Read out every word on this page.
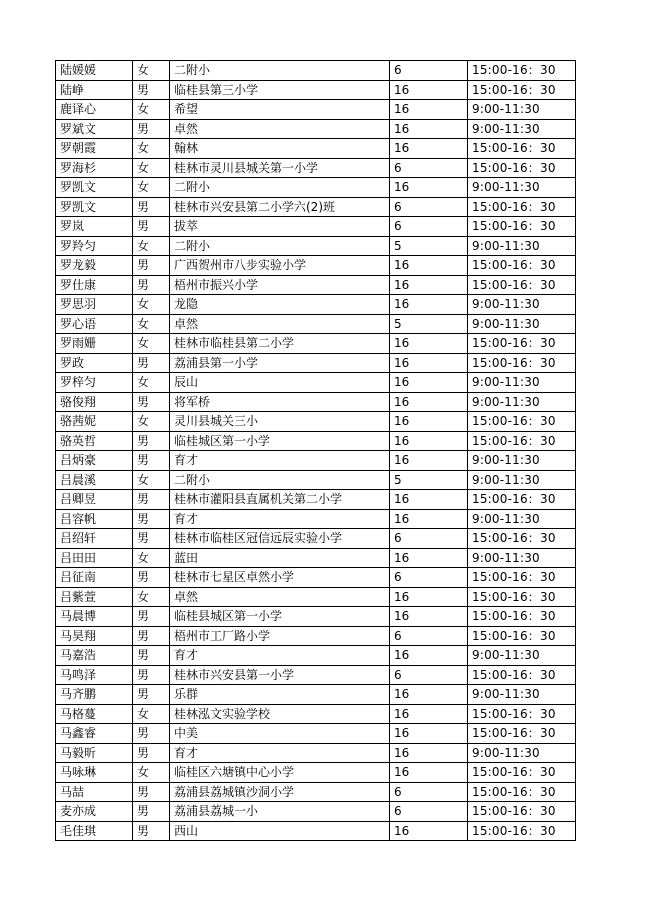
陆媛媛	女	二附小	6	15:00-16：30
陆峥	男	临桂县第三小学	16	15:00-16：30
鹿译心	女	希望	16	9:00-11:30
罗斌文	男	卓然	16	9:00-11:30
罗朝霞	女	翰林	16	15:00-16：30
罗海杉	女	桂林市灵川县城关第一小学	6	15:00-16：30
罗凯文	女	二附小	16	9:00-11:30
罗凯文	男	桂林市兴安县第二小学六(2)班	6	15:00-16：30
罗岚	男	拔萃	6	15:00-16：30
罗羚匀	女	二附小	5	9:00-11:30
罗龙毅	男	广西贺州市八步实验小学	16	15:00-16：30
罗仕康	男	梧州市振兴小学	16	15:00-16：30
罗思羽	女	龙隐	16	9:00-11:30
罗心语	女	卓然	5	9:00-11:30
罗雨姗	女	桂林市临桂县第二小学	16	15:00-16：30
罗政	男	荔浦县第一小学	16	15:00-16：30
罗梓匀	女	辰山	16	9:00-11:30
骆俊翔	男	将军桥	16	9:00-11:30
骆茜妮	女	灵川县城关三小	16	15:00-16：30
骆英哲	男	临桂城区第一小学	16	15:00-16：30
吕炳豪	男	育才	16	9:00-11:30
吕晨溪	女	二附小	5	9:00-11:30
吕卿昱	男	桂林市灌阳县直属机关第二小学	16	15:00-16：30
吕容帆	男	育才	16	9:00-11:30
吕绍轩	男	桂林市临桂区冠信远辰实验小学	6	15:00-16：30
吕田田	女	蓝田	16	9:00-11:30
吕征南	男	桂林市七星区卓然小学	6	15:00-16：30
吕紫萱	女	卓然	16	15:00-16：30
马晨博	男	临桂县城区第一小学	16	15:00-16：30
马昊翔	男	梧州市工厂路小学	6	15:00-16：30
马嘉浩	男	育才	16	9:00-11:30
马鸣泽	男	桂林市兴安县第一小学	6	15:00-16：30
马齐鹏	男	乐群	16	9:00-11:30
马格蔓	女	桂林泓文实验学校	16	15:00-16：30
马鑫睿	男	中美	16	15:00-16：30
马毅昕	男	育才	16	9:00-11:30
马咏琳	女	临桂区六塘镇中心小学	16	15:00-16：30
马喆	男	荔浦县荔城镇沙洞小学	6	15:00-16：30
麦亦成	男	荔浦县荔城一小	6	15:00-16：30
毛佳琪	男	西山	16	15:00-16：30
